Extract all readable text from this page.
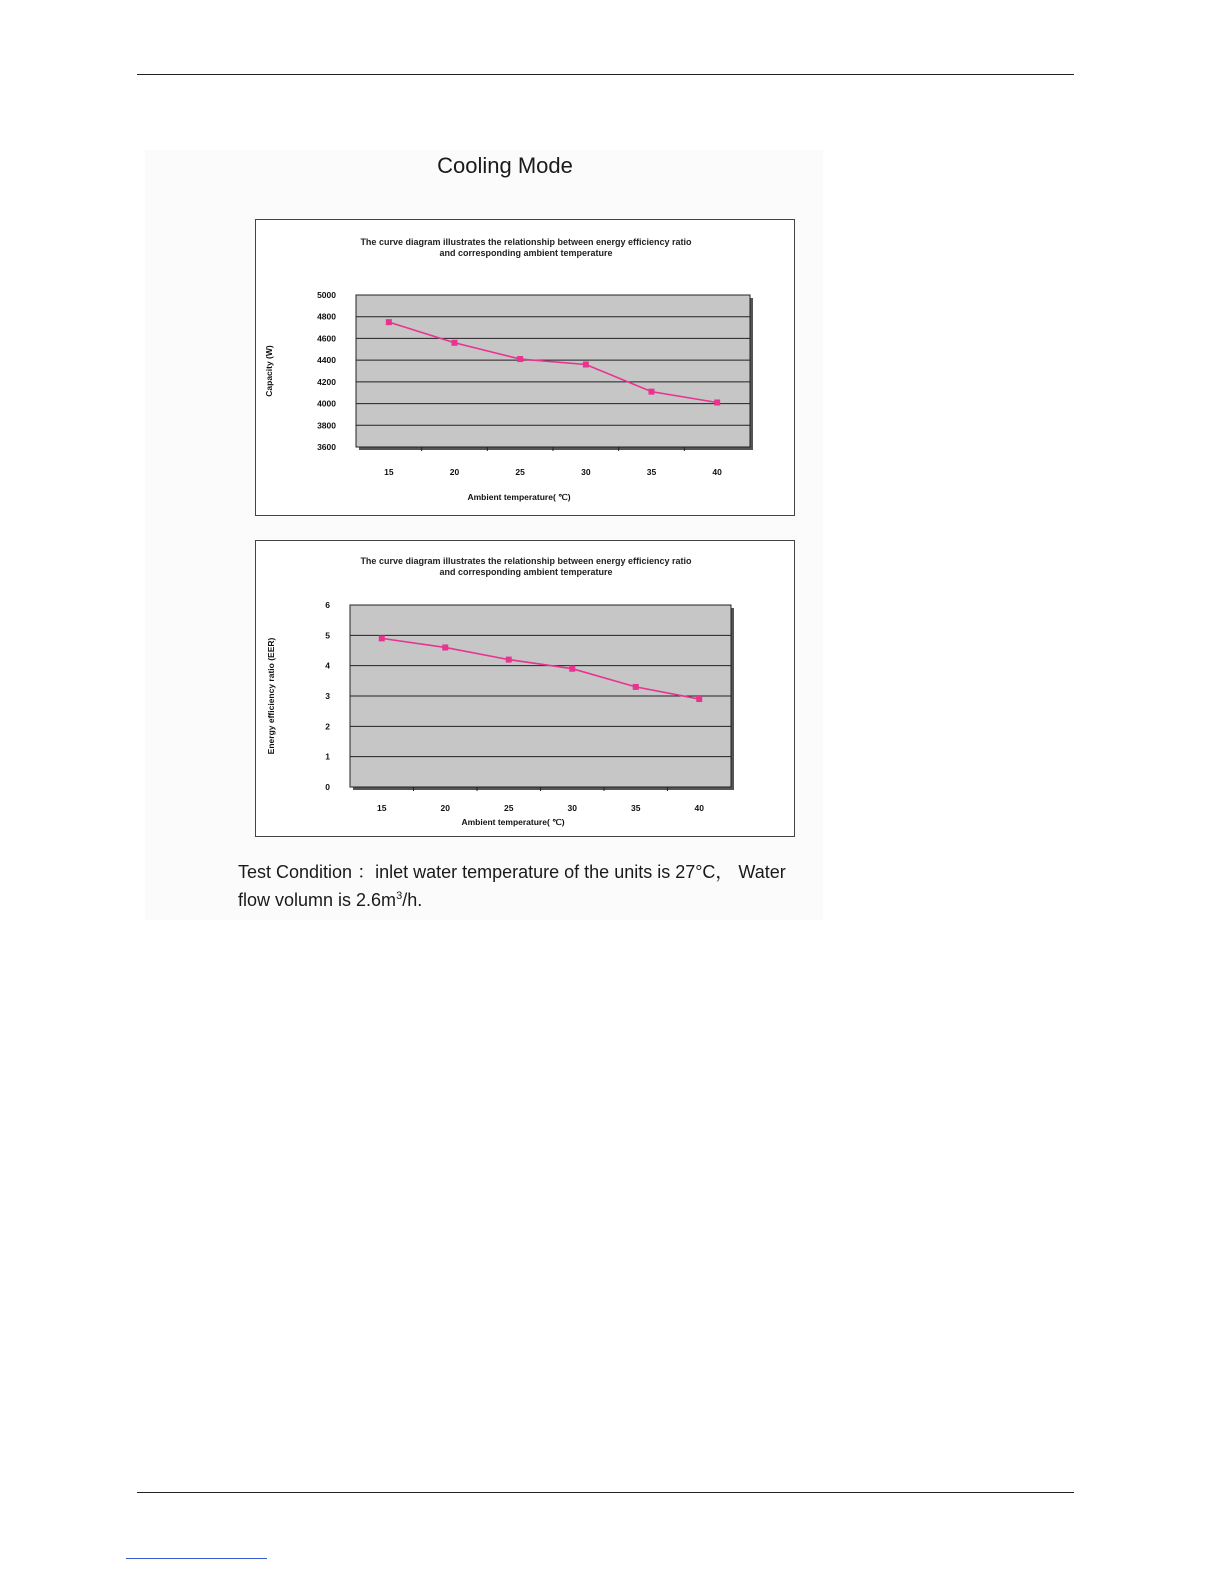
Cooling Mode
The curve diagram illustrates the relationship between energy efficiency ratio
and corresponding ambient temperature
3600
3800
4000
4200
4400
4600
4800
5000
15	20	25	30	35	40
Ambient temperature( ℃)
Capacity (W)
The curve diagram illustrates the relationship between energy efficiency ratio
and corresponding ambient temperature
0
1
2
3
4
5
6
15	20	25	30	35	40
Ambient temperature( ℃)
Energy efficiency ratio (EER)
Test Condition ：inlet water temperature of the units is 27°C， Water
flow volumn is $2.6m^3/h$.
